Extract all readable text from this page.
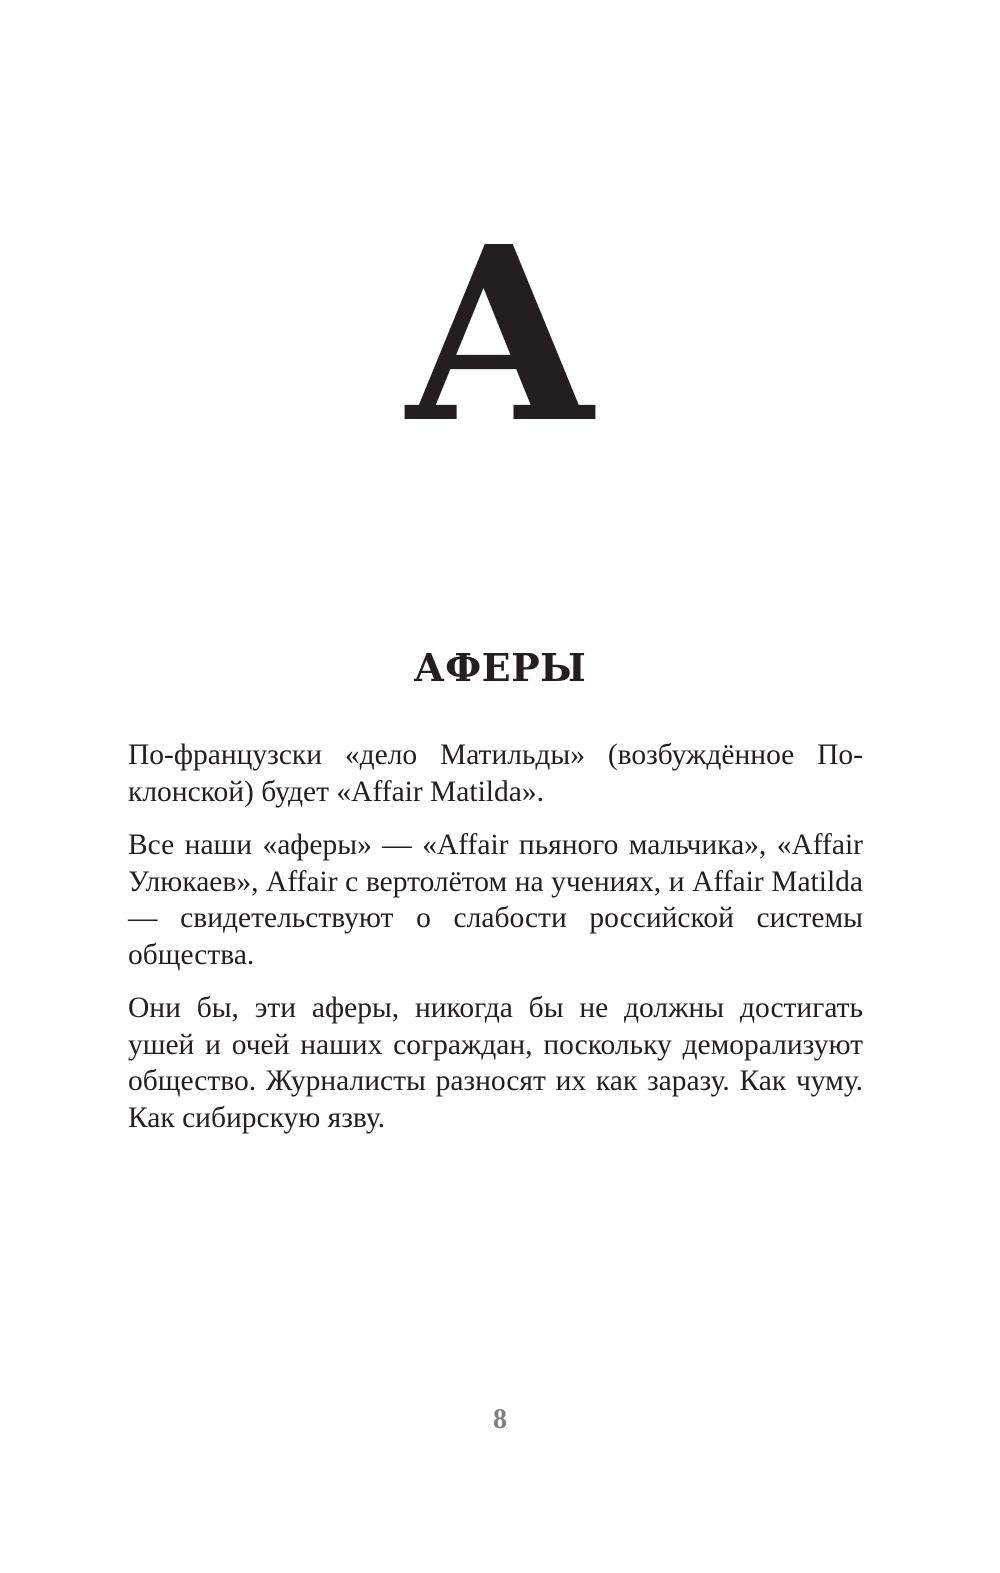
А
АФЕРЫ

По-французски «дело Матильды» (возбуждённое Поклонской) будет «Affair Matilda».

Все наши «аферы» — «Affair пьяного мальчика», «Affair Улюкаев», Affair с вертолётом на учениях, и Affair Matilda — свидетельствуют о слабости российской системы общества.

Они бы, эти аферы, никогда бы не должны достигать ушей и очей наших сограждан, поскольку деморализуют общество. Журналисты разносят их как заразу. Как чуму. Как сибирскую язву.

8
